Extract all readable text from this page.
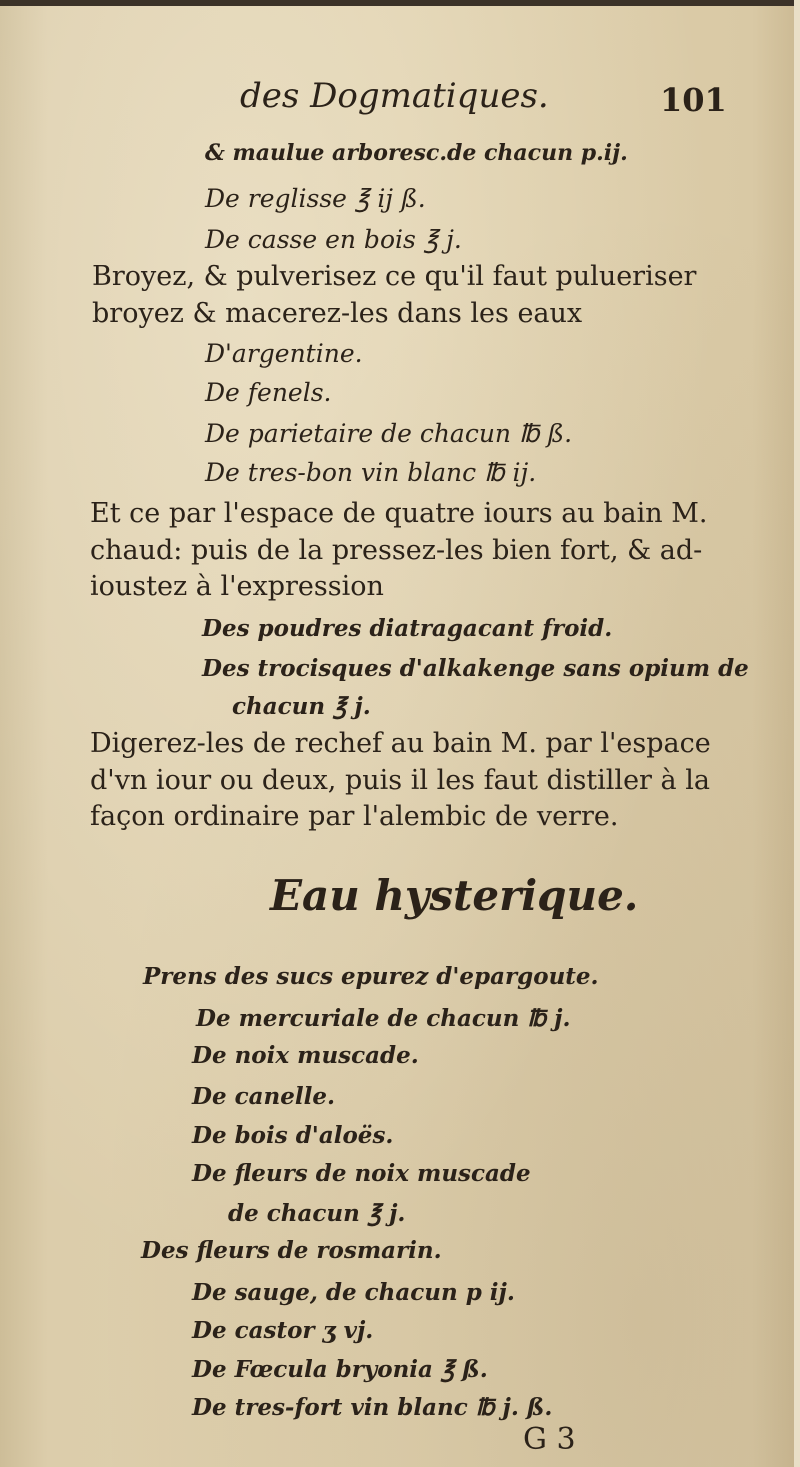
des Dogmatiques.	101
& maulue arboresc.de chacun p.ij.
De reglisse ℥ ij ß.
De casse en bois ℥ j.
Broyez, & pulverisez ce qu'il faut pulueriser
broyez & macerez-les dans les eaux
D'argentine.
De fenels.
De parietaire de chacun ℔ ß.
De tres-bon vin blanc ℔ ij.
Et ce par l'espace de quatre iours au bain M.
chaud: puis de la pressez-les bien fort, & ad-
ioustez à l'expression
Des poudres diatragacant froid.
Des trocisques d'alkakenge sans opium de
chacun ℥ j.
Digerez-les de rechef au bain M. par l'espace
d'vn iour ou deux, puis il les faut distiller à la
façon ordinaire par l'alembic de verre.
Eau hysterique.
Prens des sucs epurez d'epargoute.
De mercuriale de chacun ℔ j.
De noix muscade.
De canelle.
De bois d'aloës.
De fleurs de noix muscade
de chacun ℥ j.
Des fleurs de rosmarin.
De sauge, de chacun p ij.
De castor ʒ vj.
De Fœcula bryonia ℥ ß.
De tres-fort vin blanc ℔ j. ß.
G 3
